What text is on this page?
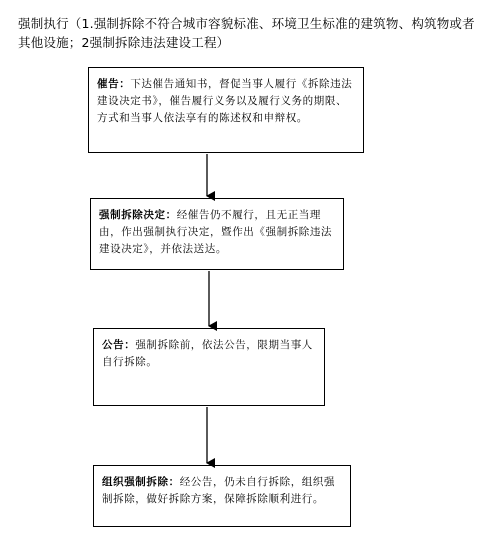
强制执行（1.强制拆除不符合城市容貌标准、环境卫生标准的建筑物、构筑物或者其他设施；2强制拆除违法建设工程）
催告：下达催告通知书，督促当事人履行《拆除违法建设决定书》，催告履行义务以及履行义务的期限、方式和当事人依法享有的陈述权和申辩权。
强制拆除决定：经催告仍不履行，且无正当理由，作出强制执行决定，暨作出《强制拆除违法建设决定》，并依法送达。
公告：强制拆除前，依法公告，限期当事人自行拆除。
组织强制拆除：经公告，仍未自行拆除，组织强制拆除，做好拆除方案，保障拆除顺利进行。
